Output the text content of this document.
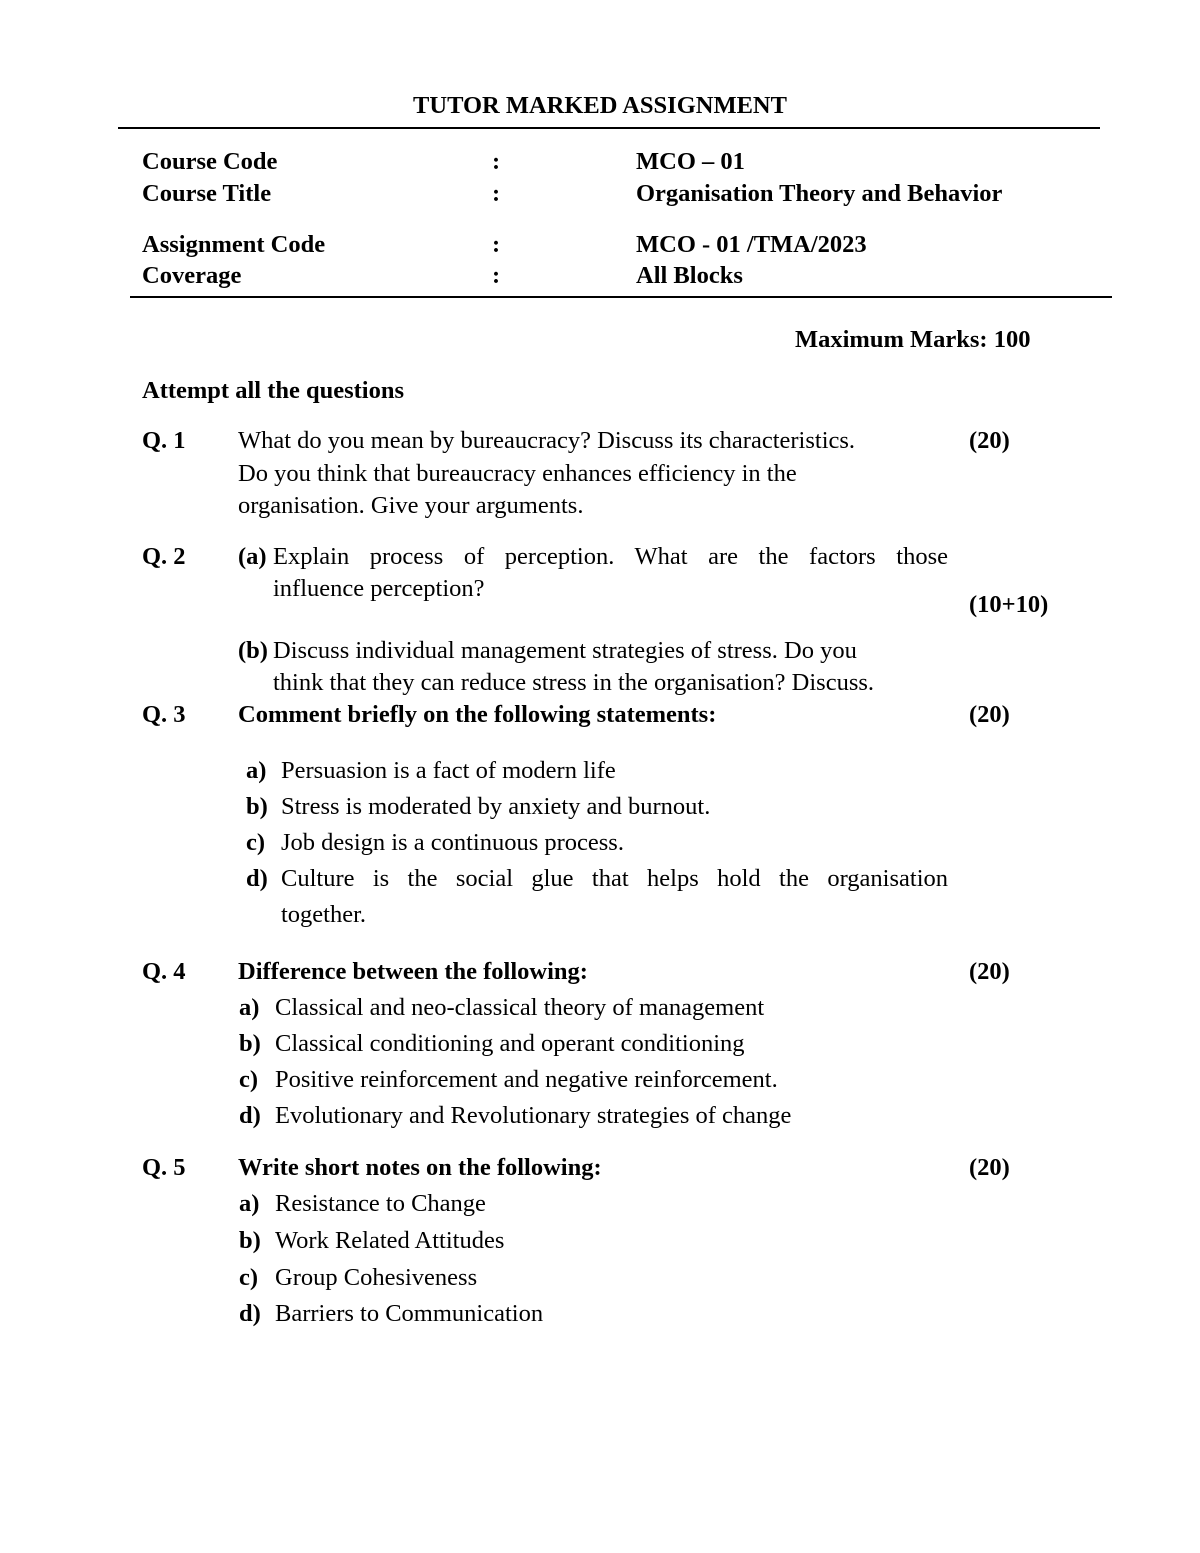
TUTOR MARKED ASSIGNMENT
Course Code	:	MCO – 01
Course Title	:	Organisation Theory and Behavior
Assignment Code	:	MCO - 01 /TMA/2023
Coverage	:	All Blocks
Maximum Marks: 100
Attempt all the questions
Q. 1 What do you mean by bureaucracy? Discuss its characteristics.
Do you think that bureaucracy enhances efficiency in the
organisation. Give your arguments.
(20)
Q. 2 (a) Explain process of perception. What are the factors those
influence perception?
(10+10)
(b) Discuss individual management strategies of stress. Do you
think that they can reduce stress in the organisation? Discuss.
Q. 3 Comment briefly on the following statements:	(20)
a) Persuasion is a fact of modern life
b) Stress is moderated by anxiety and burnout.
c) Job design is a continuous process.
d) Culture is the social glue that helps hold the organisation
together.
Q. 4 Difference between the following:	(20)
a) Classical and neo-classical theory of management
b) Classical conditioning and operant conditioning
c) Positive reinforcement and negative reinforcement.
d) Evolutionary and Revolutionary strategies of change
Q. 5 Write short notes on the following:	(20)
a) Resistance to Change
b) Work Related Attitudes
c) Group Cohesiveness
d) Barriers to Communication
